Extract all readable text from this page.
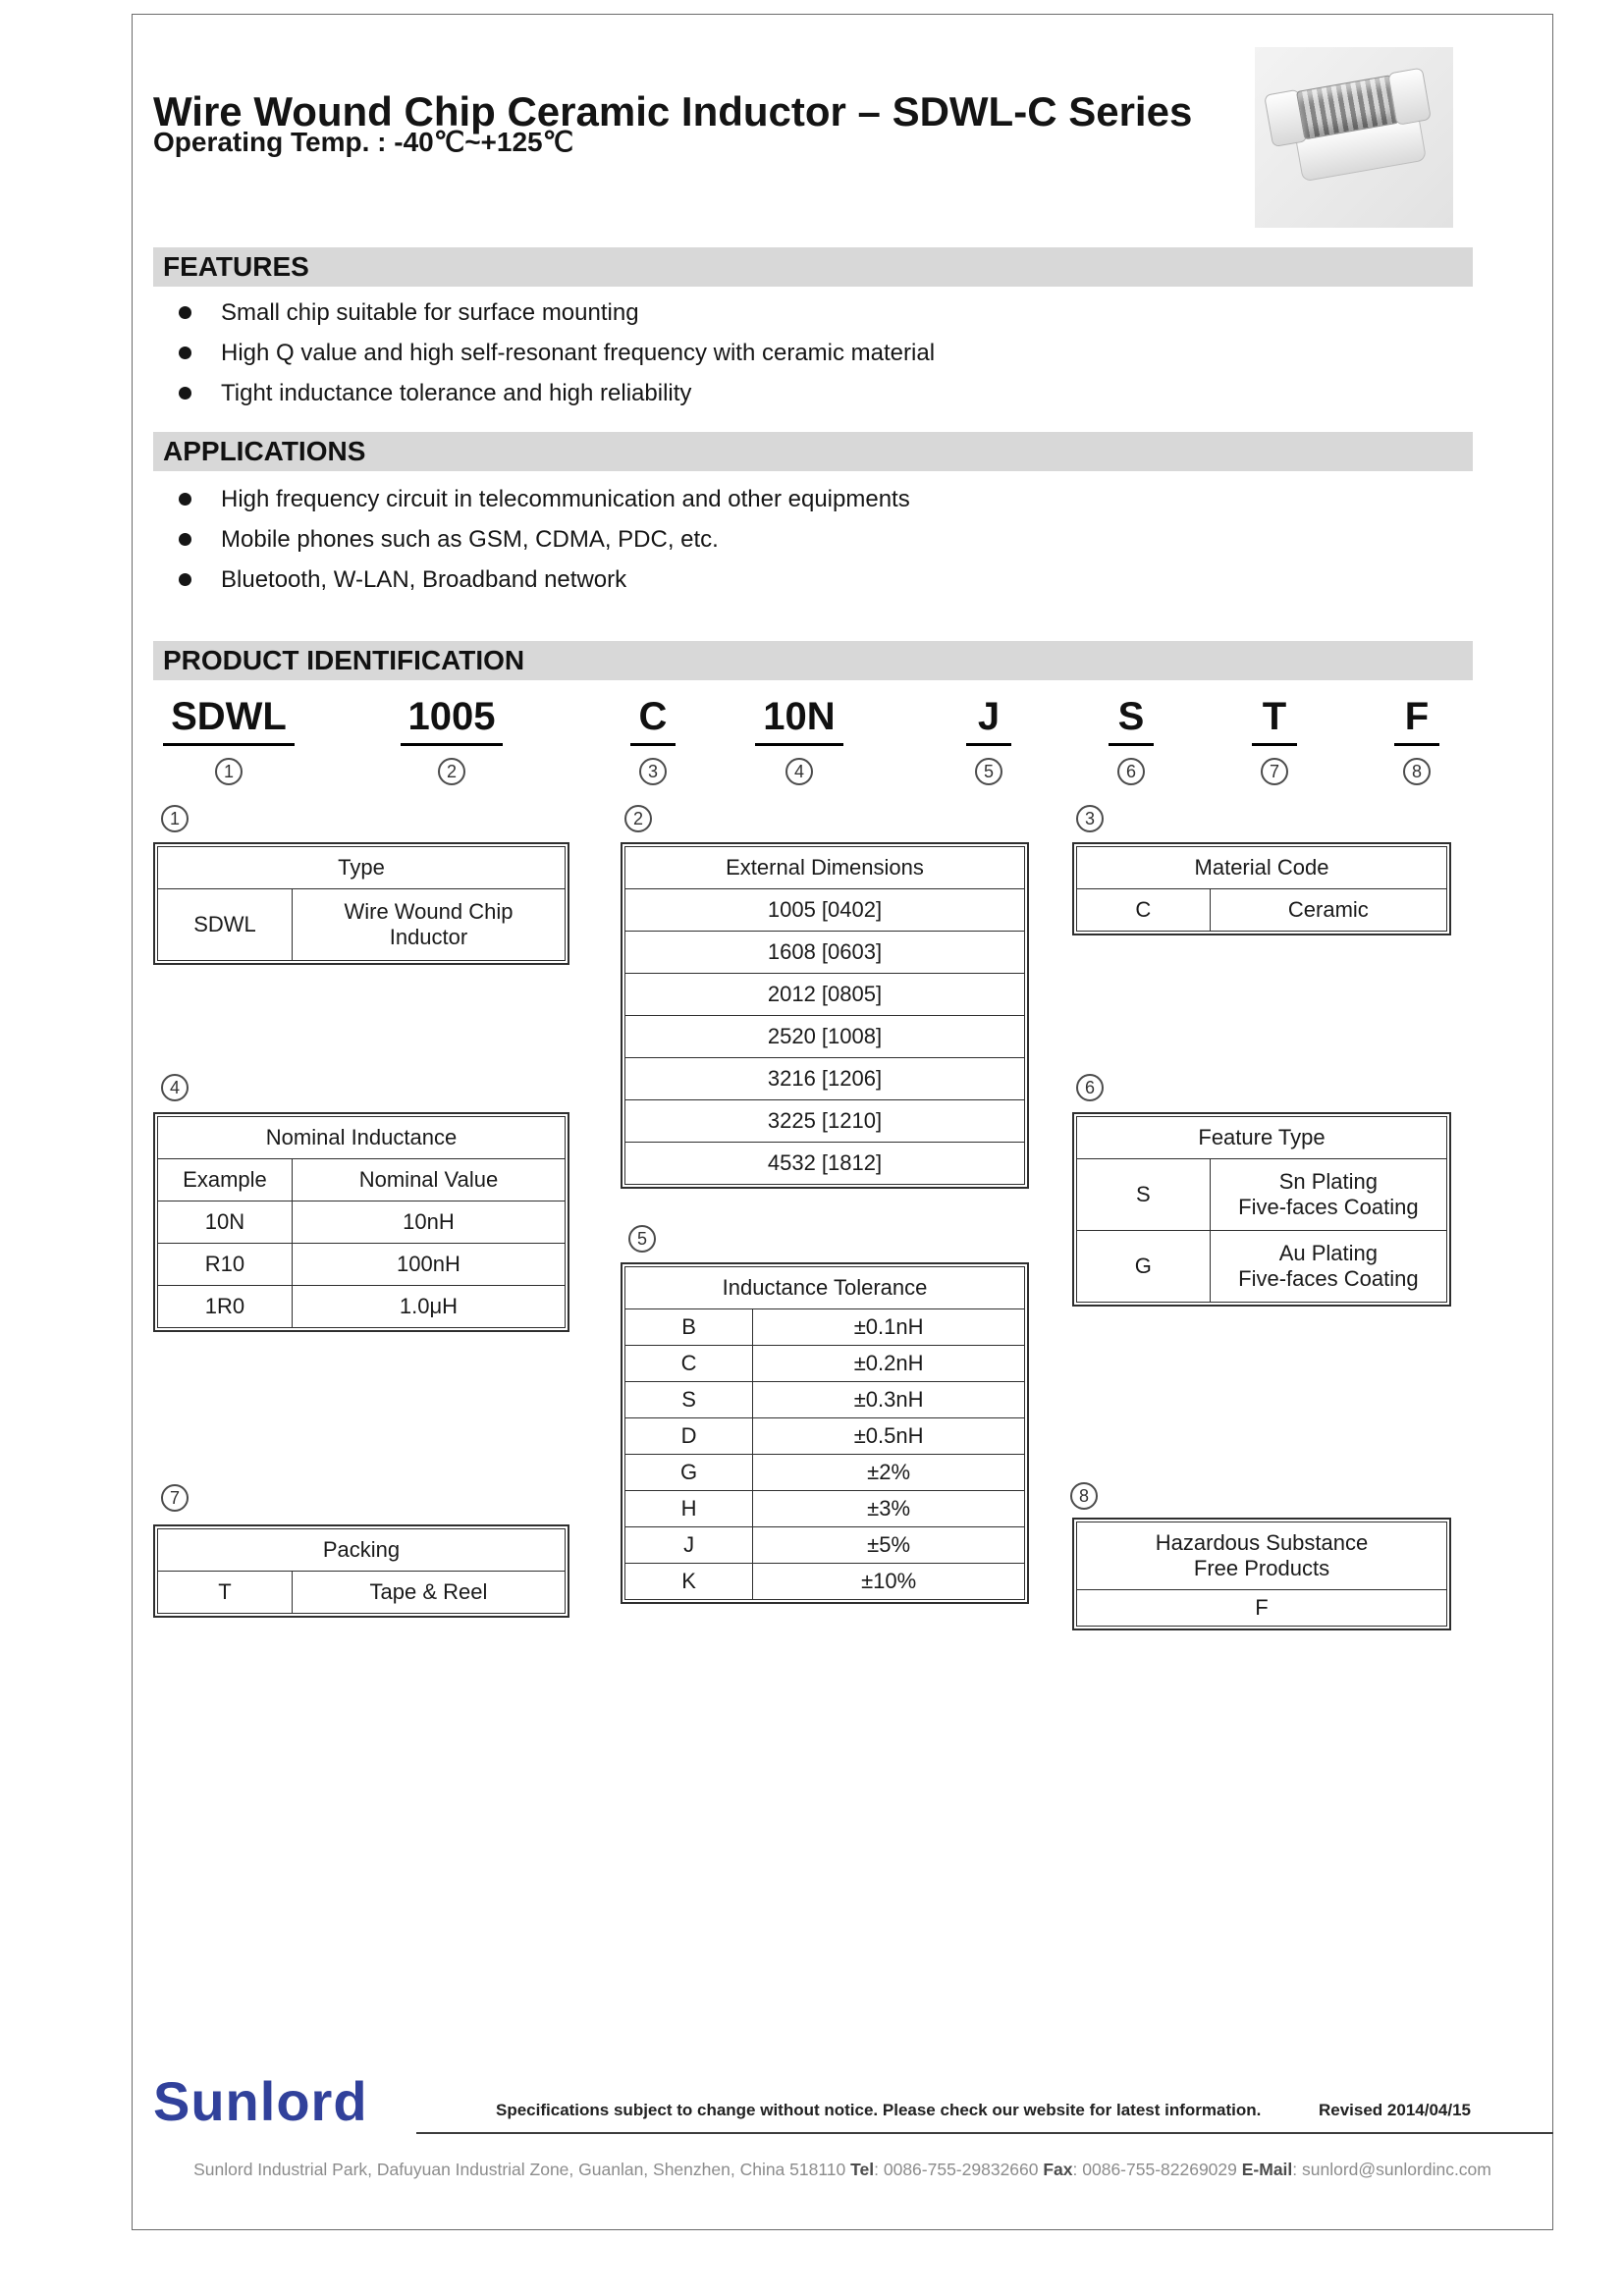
Wire Wound Chip Ceramic Inductor – SDWL-C Series
Operating Temp. : -40℃~+125℃
FEATURES
Small chip suitable for surface mounting
High Q value and high self-resonant frequency with ceramic material
Tight inductance tolerance and high reliability
APPLICATIONS
High frequency circuit in telecommunication and other equipments
Mobile phones such as GSM, CDMA, PDC, etc.
Bluetooth, W-LAN, Broadband network
PRODUCT IDENTIFICATION
SDWL
1
1005
2
C
3
10N
4
J
5
S
6
T
7
F
8
1	2	3
4	6
5
7	8
Type
SDWL	Wire Wound Chip
Inductor
External Dimensions
1005 [0402]
1608 [0603]
2012 [0805]
2520 [1008]
3216 [1206]
3225 [1210]
4532 [1812]
Material Code
C	Ceramic
Nominal Inductance	
Example	Nominal Value
10N	10nH
R10	100nH
1R0	1.0μH
Feature Type	
S	Sn Plating
Five-faces Coating
G	Au Plating
Five-faces Coating
Inductance Tolerance	
B	±0.1nH
C	±0.2nH
S	±0.3nH
D	±0.5nH
G	±2%
H	±3%
J	±5%
K	±10%
Packing
T	Tape & Reel
Hazardous Substance
Free Products
F
Sunlord	Specifications subject to change without notice. Please check our website for latest information.	Revised 2014/04/15
Sunlord Industrial Park, Dafuyuan Industrial Zone, Guanlan, Shenzhen, China 518110 Tel: 0086-755-29832660 Fax: 0086-755-82269029 E-Mail: sunlord@sunlordinc.com
